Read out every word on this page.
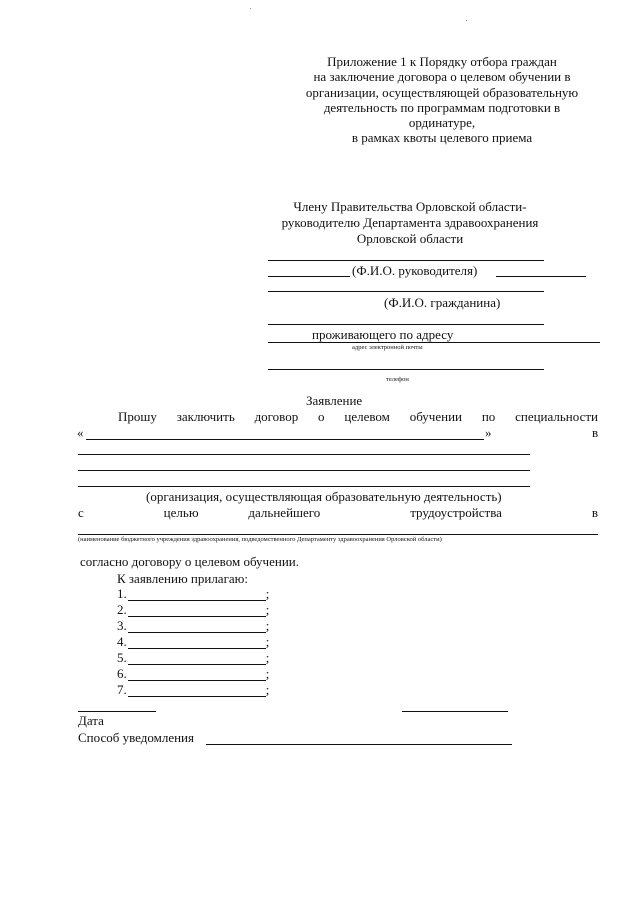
Приложение 1 к Порядку отбора граждан
на заключение договора о целевом обучении в
организации, осуществляющей образовательную
деятельность по программам подготовки в
ординатуре,
в рамках квоты целевого приема
Члену Правительства Орловской области-
руководителю Департамента здравоохранения
Орловской области
(Ф.И.О. руководителя)
(Ф.И.О. гражданина)
проживающего по адресу
адрес электронной почты
телефон
Заявление
Прошу заключить договор о целевом обучении по специальности
«	»	в
(организация, осуществляющая образовательную деятельность)
с	целью	дальнейшего	трудоустройства	в
(наименование бюджетного учреждения здравоохранения, подведомственного Департаменту здравоохранения Орловской области)
согласно договору о целевом обучении.
К заявлению прилагаю:
1.	;
2.	;
3.	;
4.	;
5.	;
6.	;
7.	;
Дата
Способ уведомления
